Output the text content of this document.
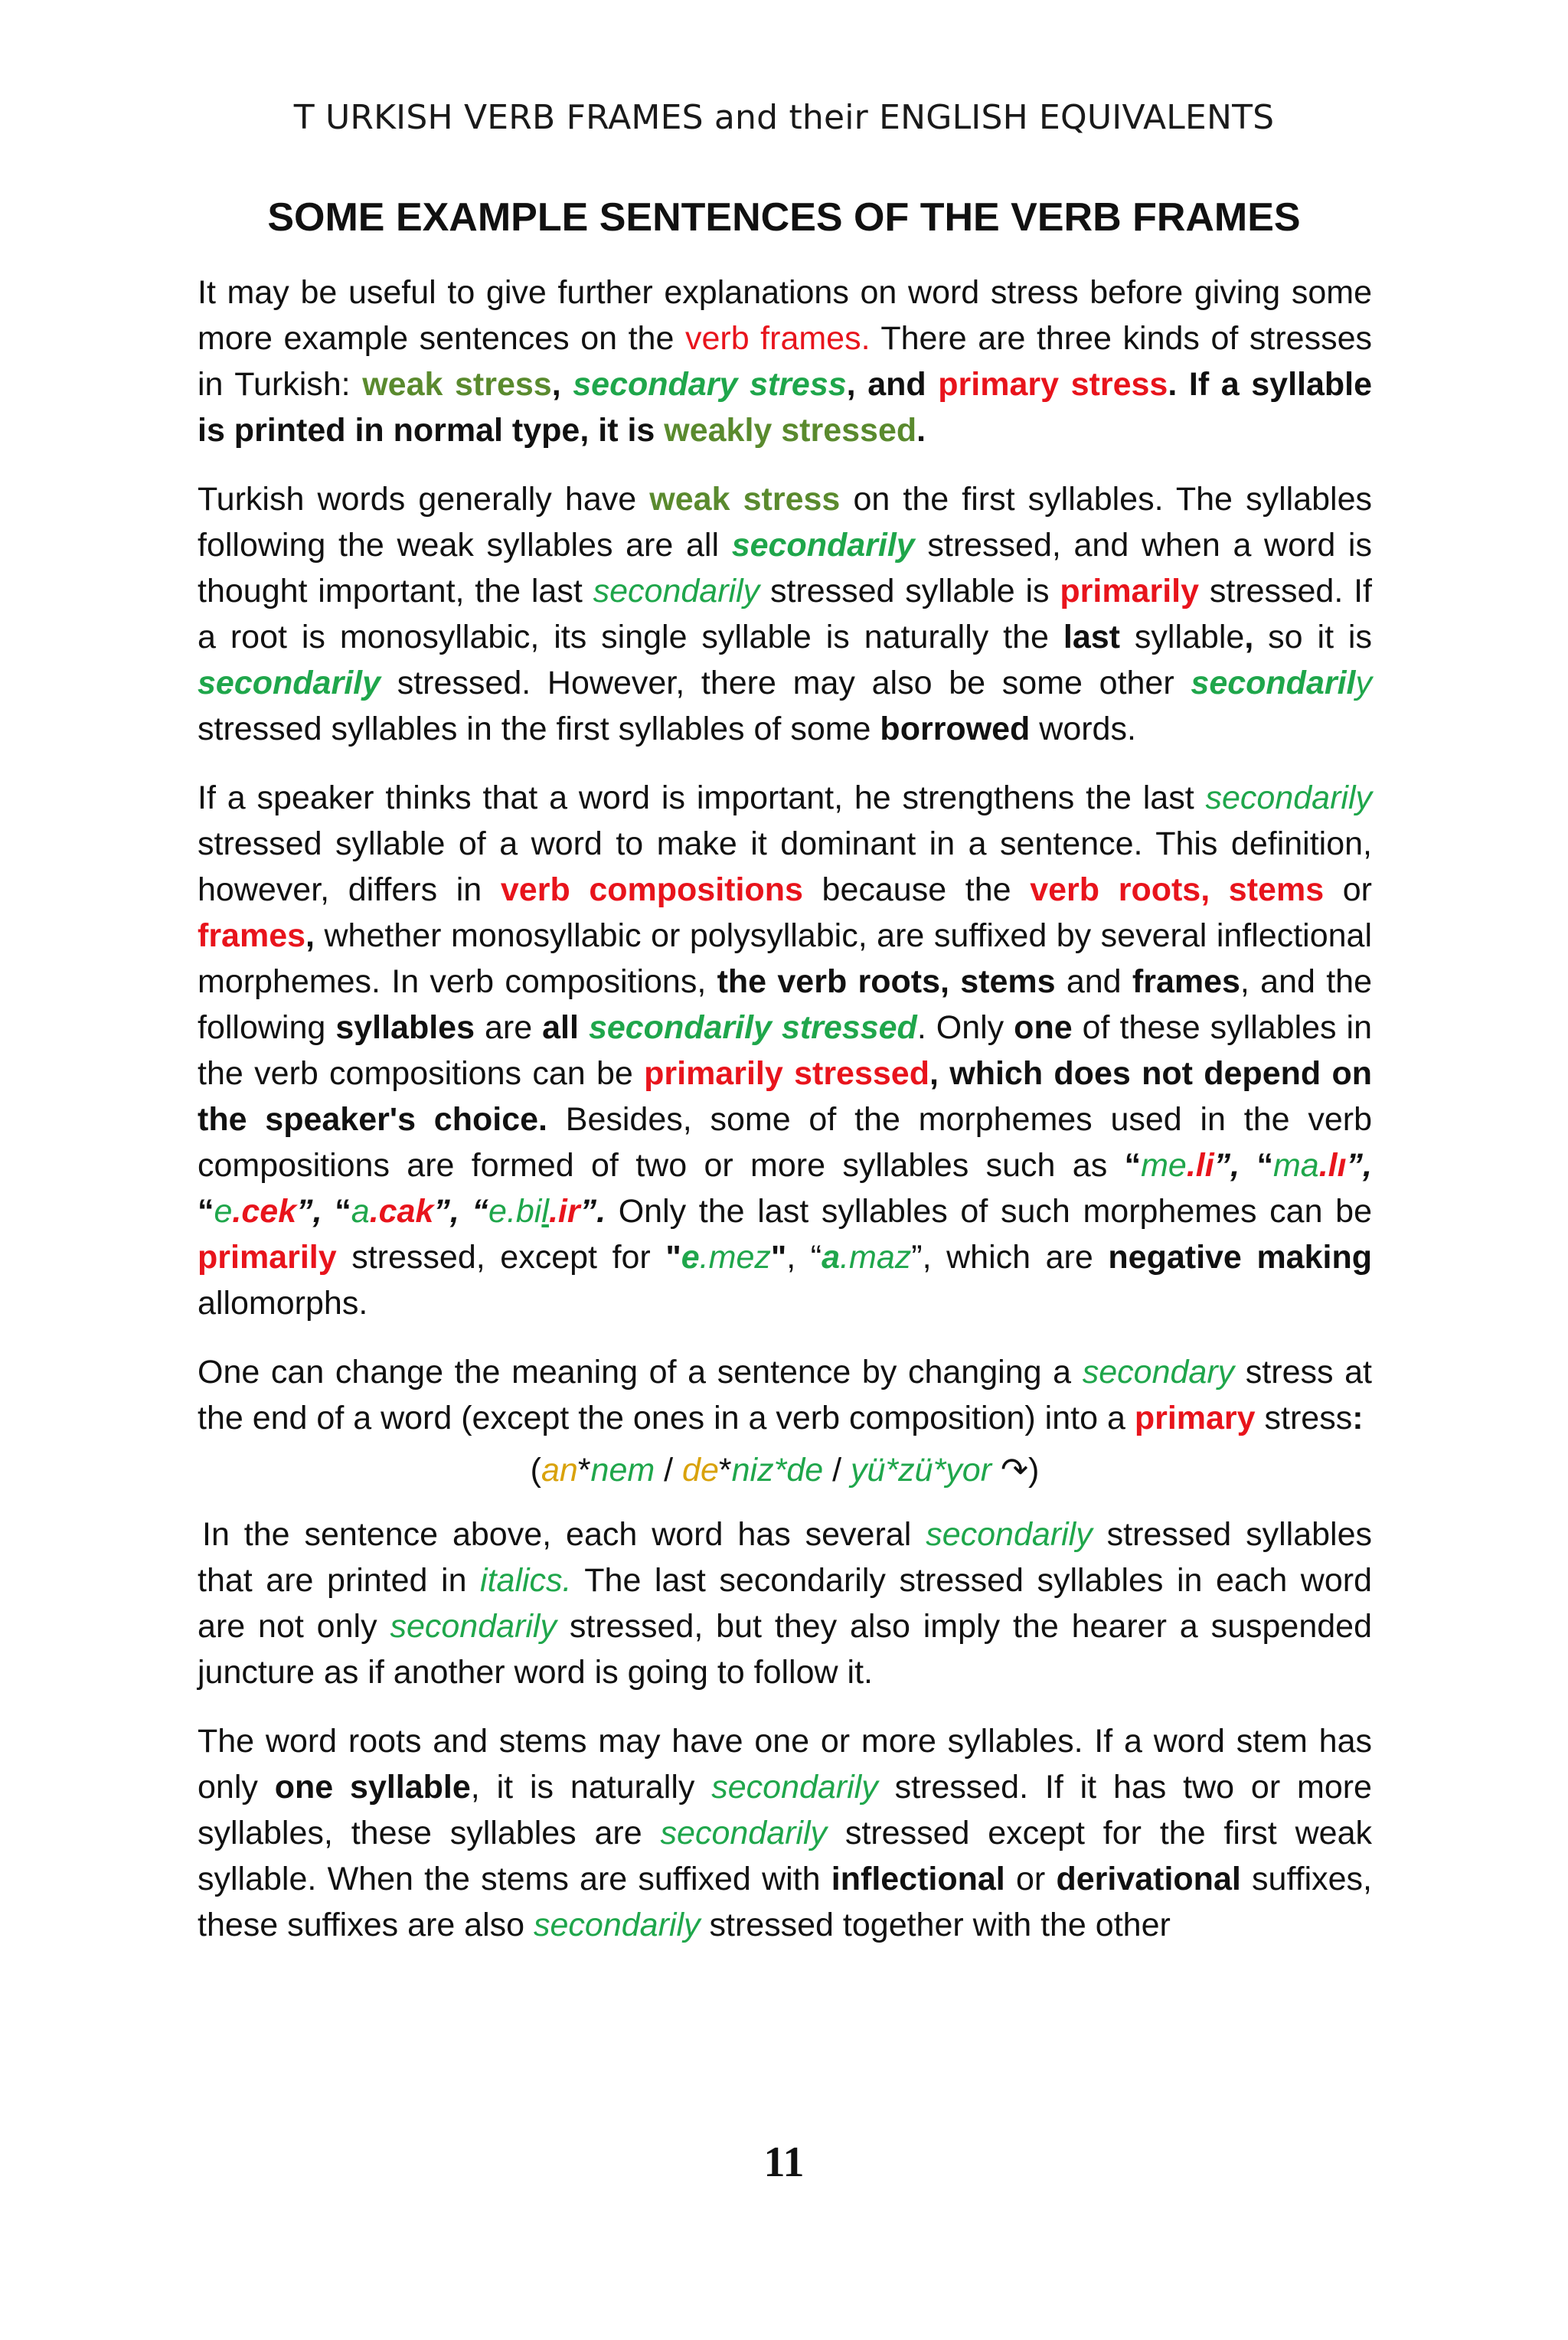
T URKISH VERB FRAMES and their ENGLISH EQUIVALENTS
SOME EXAMPLE SENTENCES OF THE VERB FRAMES

It may be useful to give further explanations on word stress before giving some more example sentences on the verb frames. There are three kinds of stresses in Turkish: weak stress, secondary stress, and primary stress. If a syllable is printed in normal type, it is weakly stressed.

Turkish words generally have weak stress on the first syllables. The syllables following the weak syllables are all secondarily stressed, and when a word is thought important, the last secondarily stressed syllable is primarily stressed. If a root is monosyllabic, its single syllable is naturally the last syllable, so it is secondarily stressed. However, there may also be some other secondarily stressed syllables in the first syllables of some borrowed words.

If a speaker thinks that a word is important, he strengthens the last secondarily stressed syllable of a word to make it dominant in a sentence. This definition, however, differs in verb compositions because the verb roots, stems or frames, whether monosyllabic or polysyllabic, are suffixed by several inflectional morphemes. In verb compositions, the verb roots, stems and frames, and the following syllables are all secondarily stressed. Only one of these syllables in the verb compositions can be primarily stressed, which does not depend on the speaker's choice. Besides, some of the morphemes used in the verb compositions are formed of two or more syllables such as “me.li”, “ma.lı”, “e.cek”, “a.cak”, “e.bil.ir”. Only the last syllables of such morphemes can be primarily stressed, except for "e.mez", “a.maz”, which are negative making allomorphs.

One can change the meaning of a sentence by changing a secondary stress at the end of a word (except the ones in a verb composition) into a primary stress:

(an*nem / de*niz*de / yü*zü*yor ↷)

In the sentence above, each word has several secondarily stressed syllables that are printed in italics. The last secondarily stressed syllables in each word are not only secondarily stressed, but they also imply the hearer a suspended juncture as if another word is going to follow it.

The word roots and stems may have one or more syllables. If a word stem has only one syllable, it is naturally secondarily stressed. If it has two or more syllables, these syllables are secondarily stressed except for the first weak syllable. When the stems are suffixed with inflectional or derivational suffixes, these suffixes are also secondarily stressed together with the other

11
